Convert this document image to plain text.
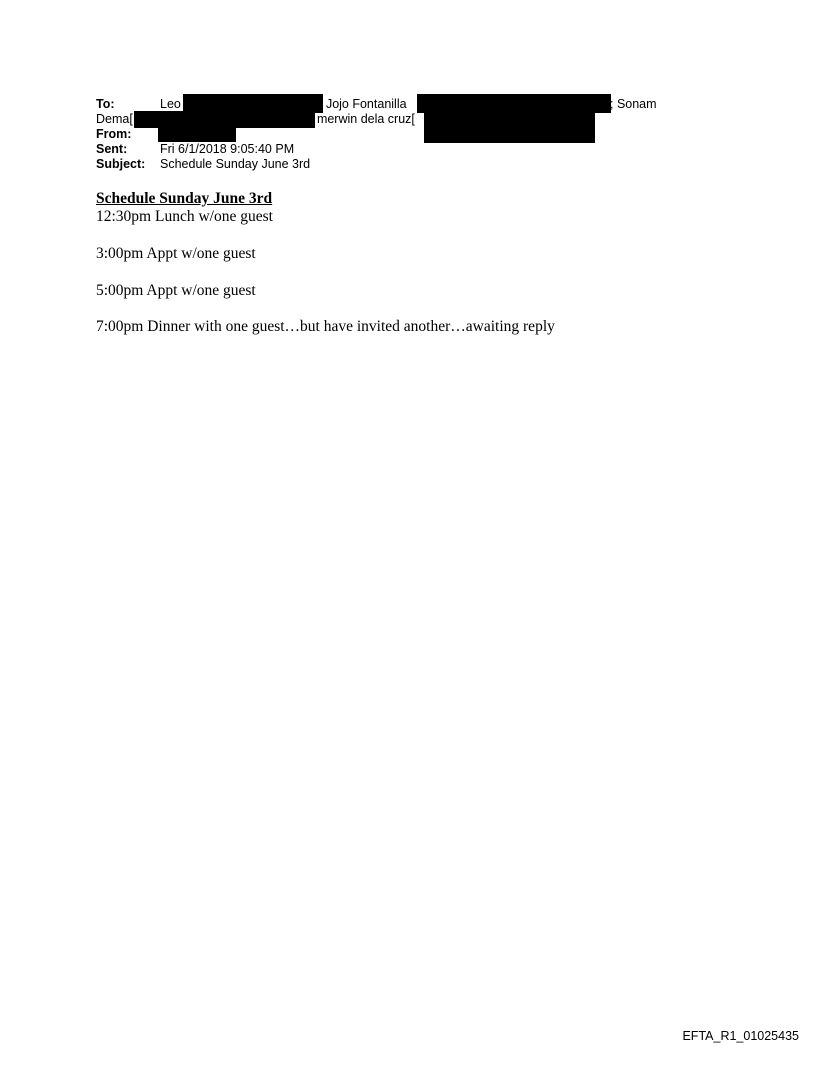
To:	Leo	; Jojo Fontanilla	; Sonam
Dema[	; merwin dela cruz[
From:
Sent:	Fri 6/1/2018 9:05:40 PM
Subject: Schedule Sunday June 3rd
Schedule Sunday June 3rd
12:30pm Lunch w/one guest
3:00pm Appt w/one guest
5:00pm Appt w/one guest
7:00pm Dinner with one guest…but have invited another…awaiting reply
EFTA_R1_01025435
